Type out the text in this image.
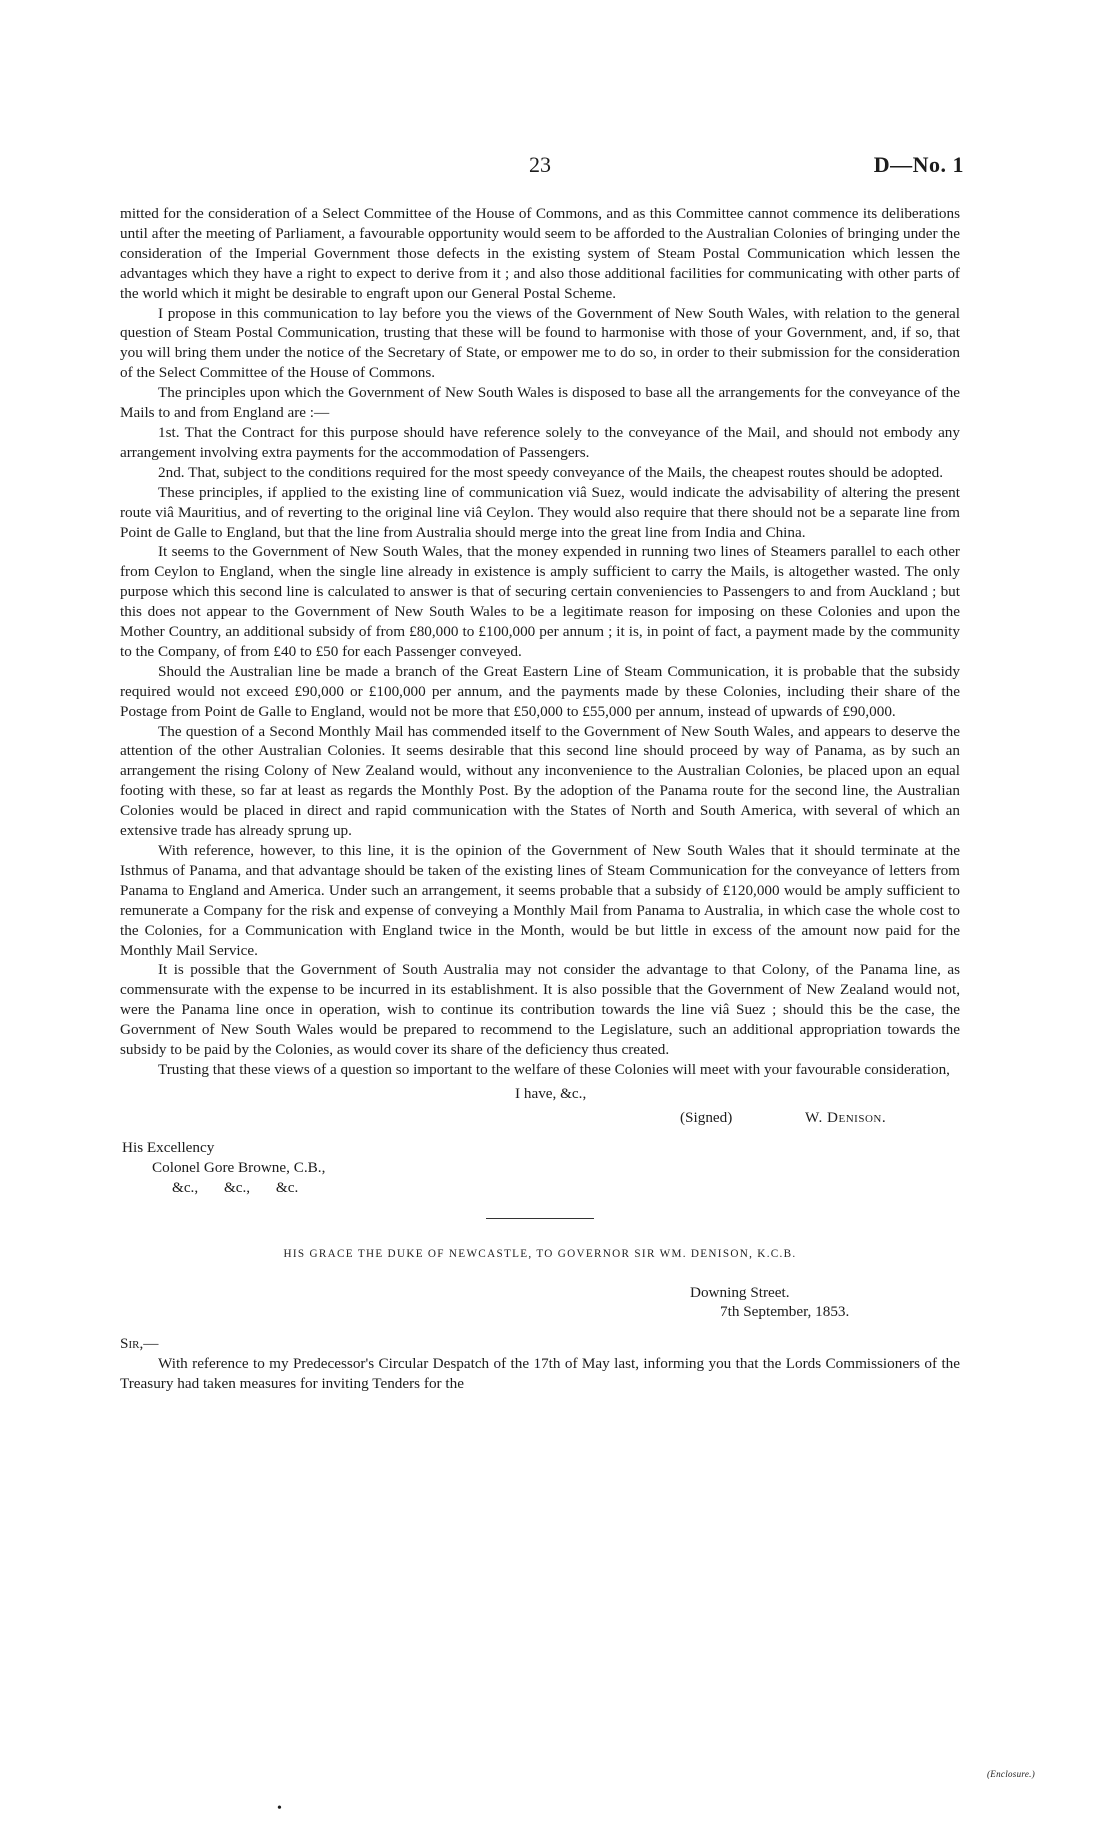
23	D—No. 1

mitted for the consideration of a Select Committee of the House of Commons, and as this Committee cannot commence its deliberations until after the meeting of Parliament, a favourable opportunity would seem to be afforded to the Australian Colonies of bringing under the consideration of the Imperial Government those defects in the existing system of Steam Postal Communication which lessen the advantages which they have a right to expect to derive from it ; and also those additional facilities for communicating with other parts of the world which it might be desirable to engraft upon our General Postal Scheme.

I propose in this communication to lay before you the views of the Government of New South Wales, with relation to the general question of Steam Postal Communication, trusting that these will be found to harmonise with those of your Government, and, if so, that you will bring them under the notice of the Secretary of State, or empower me to do so, in order to their submission for the consideration of the Select Committee of the House of Commons.

The principles upon which the Government of New South Wales is disposed to base all the arrangements for the conveyance of the Mails to and from England are :—

1st. That the Contract for this purpose should have reference solely to the conveyance of the Mail, and should not embody any arrangement involving extra payments for the accommodation of Passengers.

2nd. That, subject to the conditions required for the most speedy conveyance of the Mails, the cheapest routes should be adopted.

These principles, if applied to the existing line of communication viâ Suez, would indicate the advisability of altering the present route viâ Mauritius, and of reverting to the original line viâ Ceylon. They would also require that there should not be a separate line from Point de Galle to England, but that the line from Australia should merge into the great line from India and China.

It seems to the Government of New South Wales, that the money expended in running two lines of Steamers parallel to each other from Ceylon to England, when the single line already in existence is amply sufficient to carry the Mails, is altogether wasted. The only purpose which this second line is calculated to answer is that of securing certain conveniencies to Passengers to and from Auckland ; but this does not appear to the Government of New South Wales to be a legitimate reason for imposing on these Colonies and upon the Mother Country, an additional subsidy of from £80,000 to £100,000 per annum ; it is, in point of fact, a payment made by the community to the Company, of from £40 to £50 for each Passenger conveyed.

Should the Australian line be made a branch of the Great Eastern Line of Steam Communication, it is probable that the subsidy required would not exceed £90,000 or £100,000 per annum, and the payments made by these Colonies, including their share of the Postage from Point de Galle to England, would not be more that £50,000 to £55,000 per annum, instead of upwards of £90,000.

The question of a Second Monthly Mail has commended itself to the Government of New South Wales, and appears to deserve the attention of the other Australian Colonies. It seems desirable that this second line should proceed by way of Panama, as by such an arrangement the rising Colony of New Zealand would, without any inconvenience to the Australian Colonies, be placed upon an equal footing with these, so far at least as regards the Monthly Post. By the adoption of the Panama route for the second line, the Australian Colonies would be placed in direct and rapid communication with the States of North and South America, with several of which an extensive trade has already sprung up.

With reference, however, to this line, it is the opinion of the Government of New South Wales that it should terminate at the Isthmus of Panama, and that advantage should be taken of the existing lines of Steam Communication for the conveyance of letters from Panama to England and America. Under such an arrangement, it seems probable that a subsidy of £120,000 would be amply sufficient to remunerate a Company for the risk and expense of conveying a Monthly Mail from Panama to Australia, in which case the whole cost to the Colonies, for a Communication with England twice in the Month, would be but little in excess of the amount now paid for the Monthly Mail Service.

It is possible that the Government of South Australia may not consider the advantage to that Colony, of the Panama line, as commensurate with the expense to be incurred in its establishment. It is also possible that the Government of New Zealand would not, were the Panama line once in operation, wish to continue its contribution towards the line viâ Suez ; should this be the case, the Government of New South Wales would be prepared to recommend to the Legislature, such an additional appropriation towards the subsidy to be paid by the Colonies, as would cover its share of the deficiency thus created.

Trusting that these views of a question so important to the welfare of these Colonies will meet with your favourable consideration,

I have, &c.,
(Signed)	W. Denison.
His Excellency
Colonel Gore Browne, C.B.,
&c., &c., &c.
HIS GRACE THE DUKE OF NEWCASTLE, TO GOVERNOR SIR WM. DENISON, K.C.B.
Downing Street.
7th September, 1853.
Sir,—

With reference to my Predecessor's Circular Despatch of the 17th of May last, informing you that the Lords Commissioners of the Treasury had taken measures for inviting Tenders for the

(Enclosure.)
•
